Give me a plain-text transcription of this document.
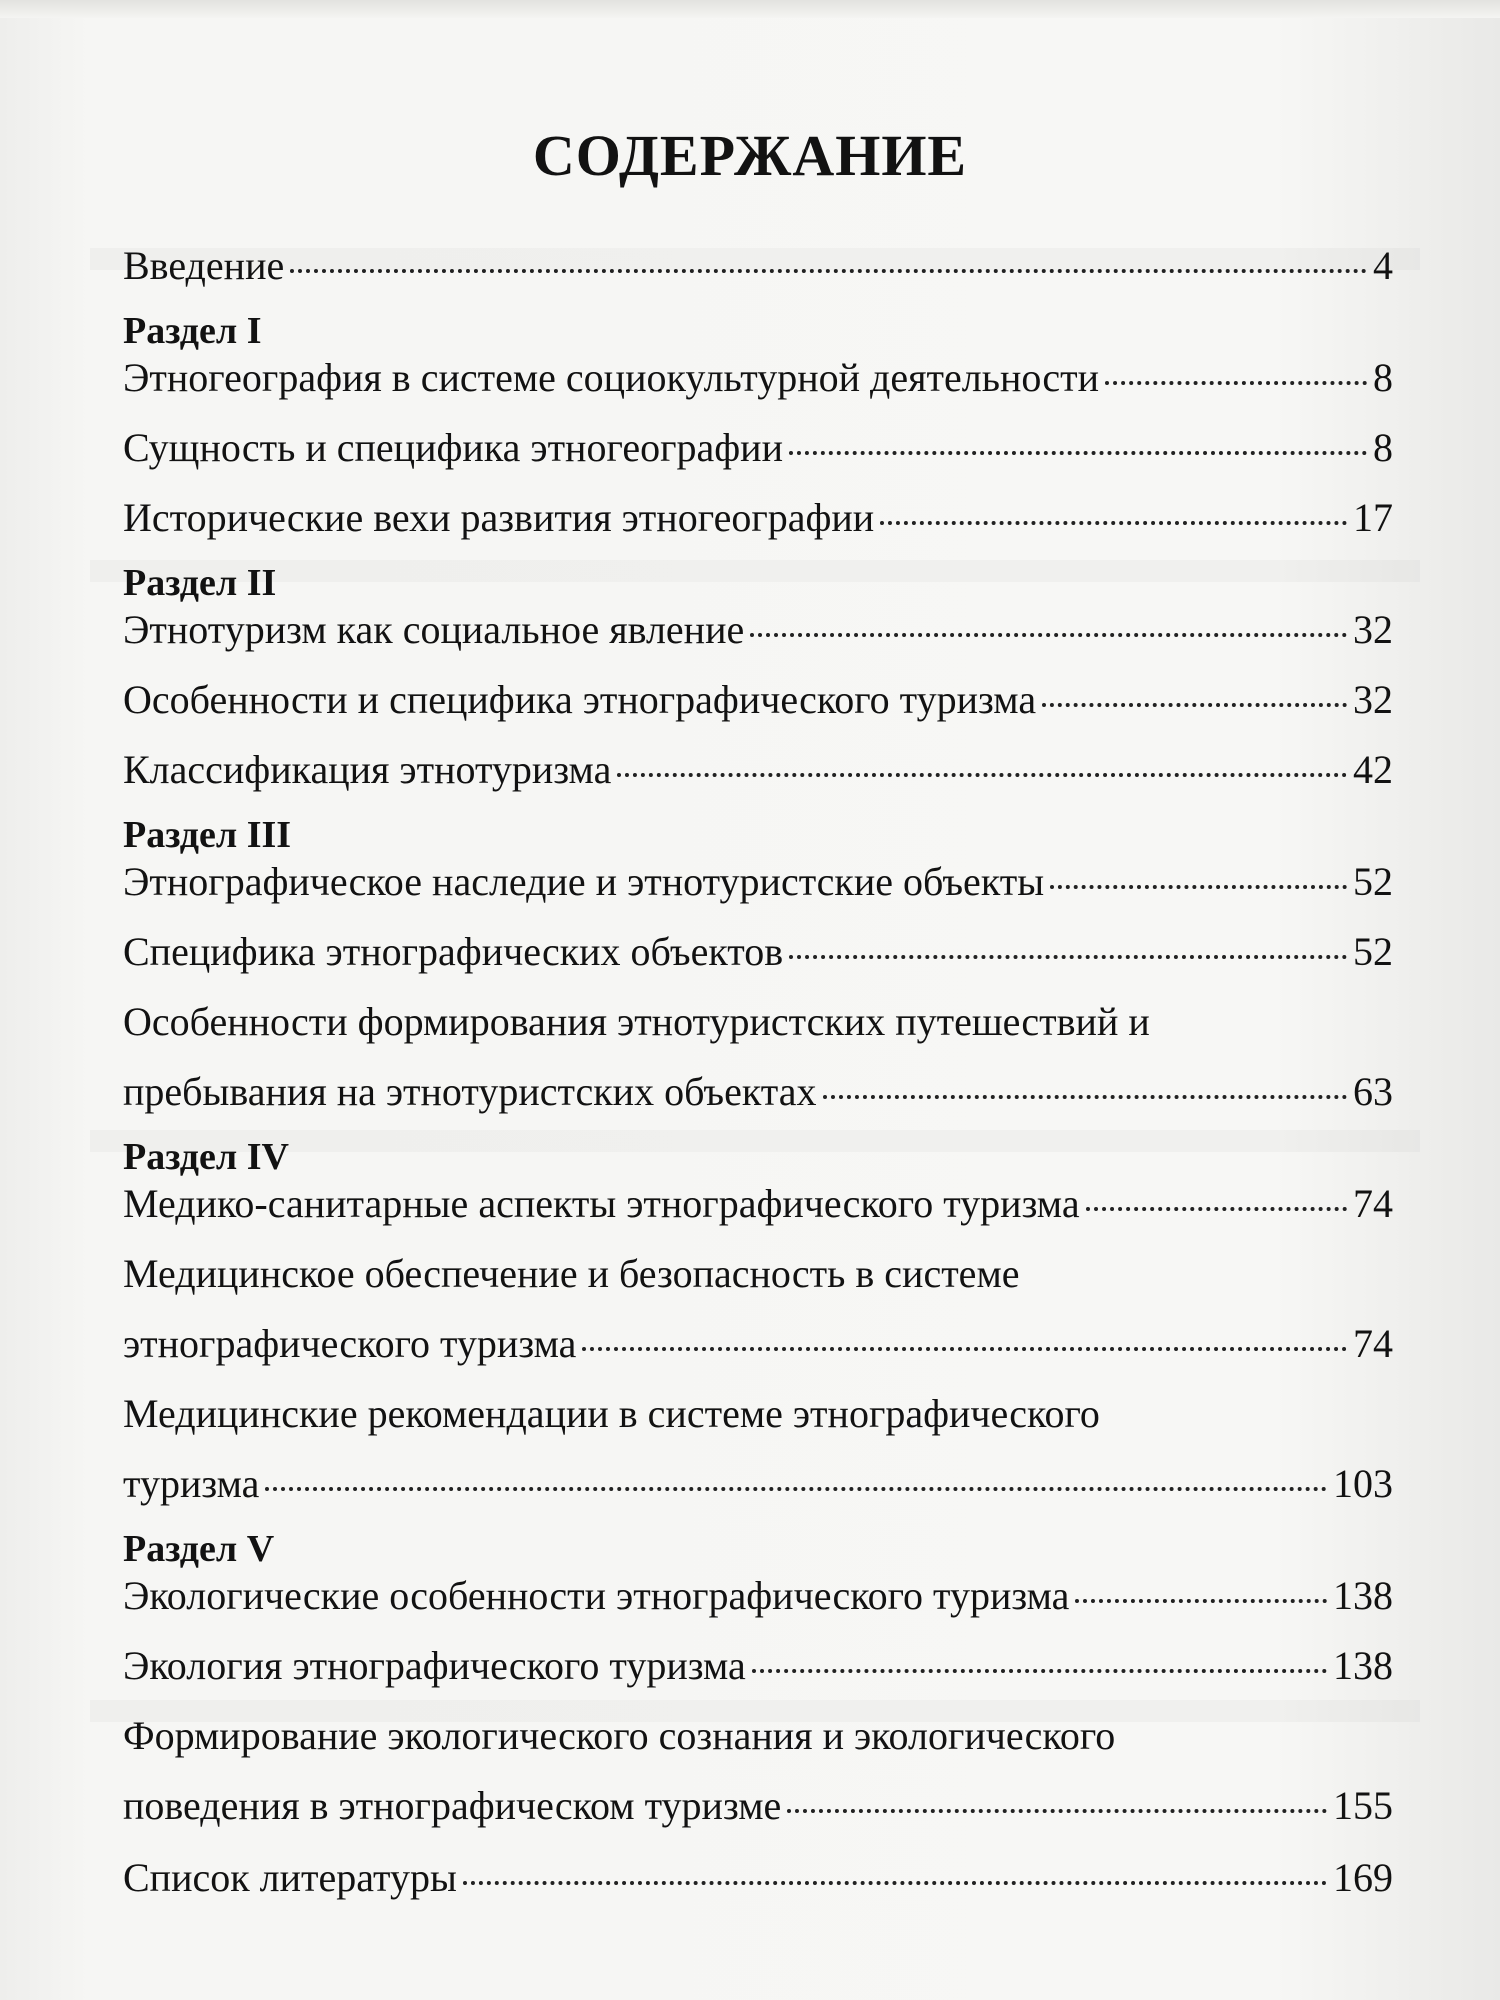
СОДЕРЖАНИЕ
Введение	4
Раздел I
Этногеография в системе социокультурной деятельности	8
Сущность и специфика этногеографии	8
Исторические вехи развития этногеографии	17
Раздел II
Этнотуризм как социальное явление	32
Особенности и специфика этнографического туризма	32
Классификация этнотуризма	42
Раздел III
Этнографическое наследие и этнотуристские объекты	52
Специфика этнографических объектов	52
Особенности формирования этнотуристских путешествий и
пребывания на этнотуристских объектах	63
Раздел IV
Медико-санитарные аспекты этнографического туризма	74
Медицинское обеспечение и безопасность в системе
этнографического туризма	74
Медицинские рекомендации в системе этнографического
туризма	103
Раздел V
Экологические особенности этнографического туризма	138
Экология этнографического туризма	138
Формирование экологического сознания и экологического
поведения в этнографическом туризме	155
Список литературы	169
